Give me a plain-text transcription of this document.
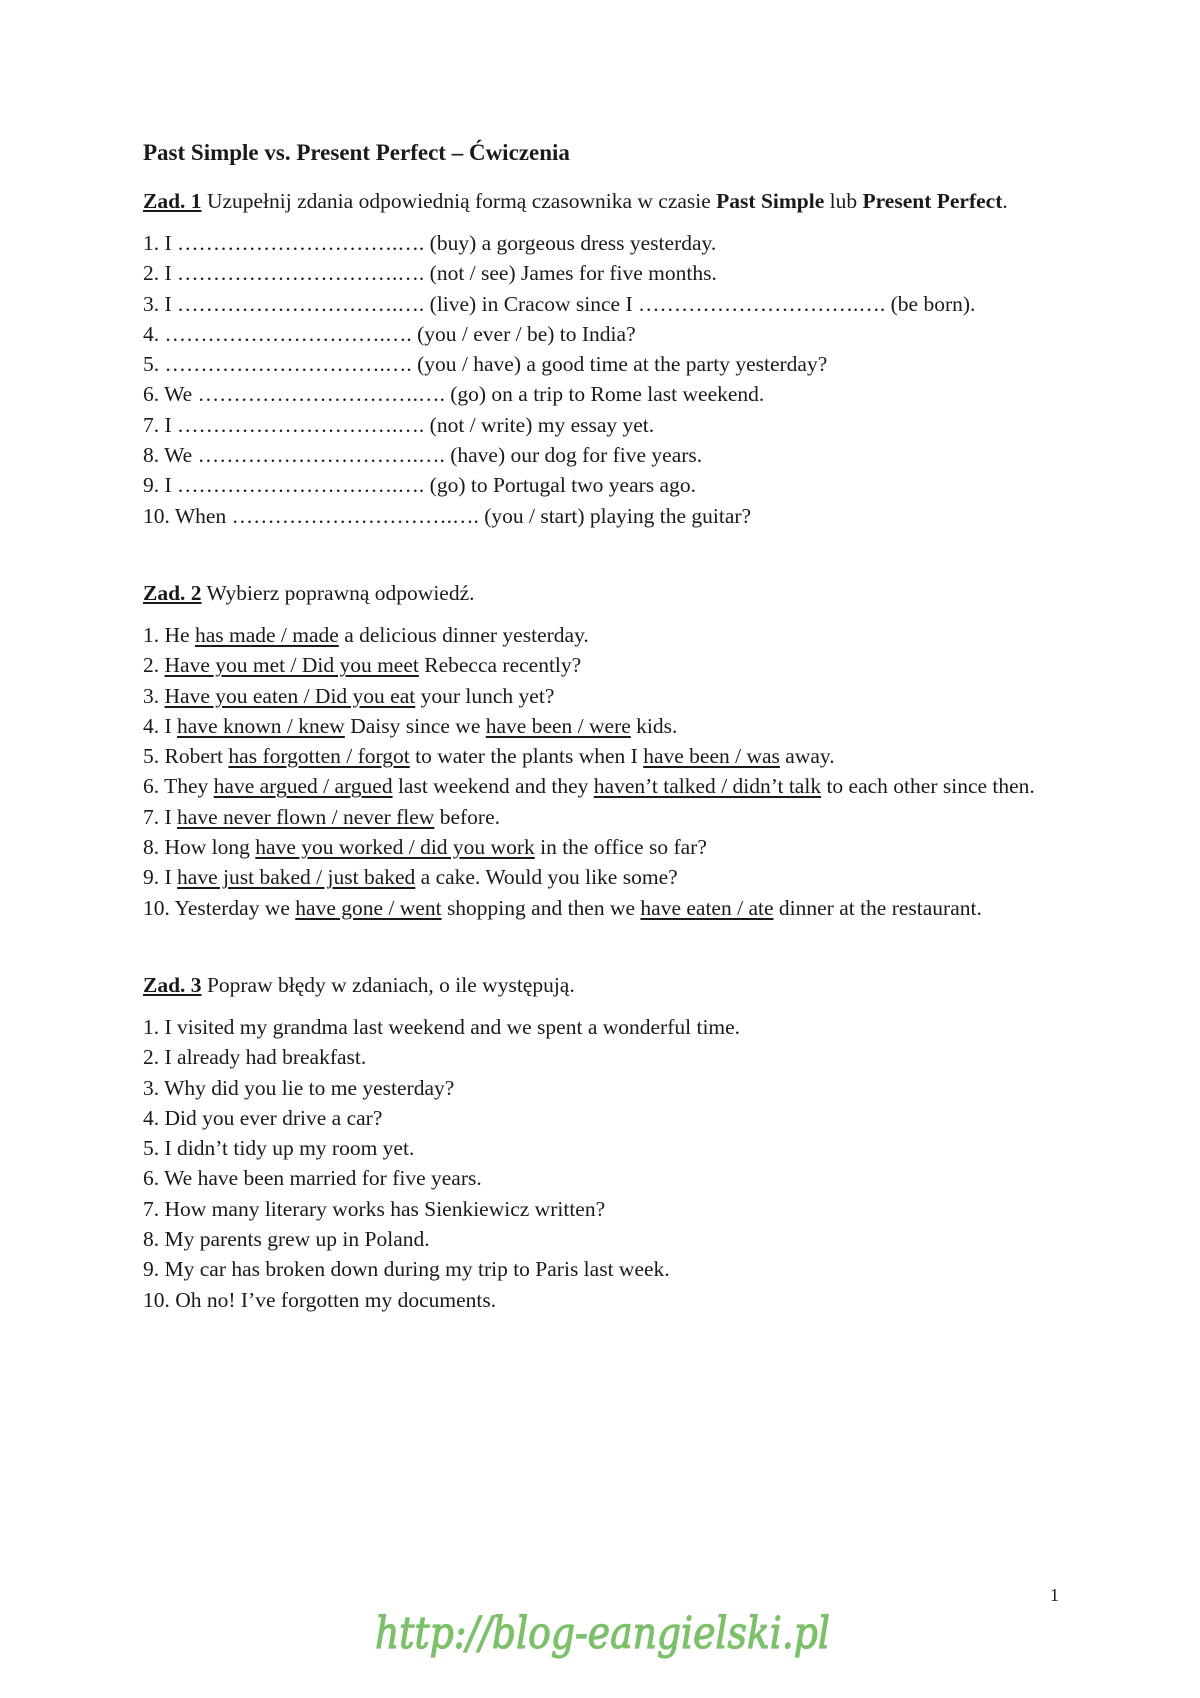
Past Simple vs. Present Perfect – Ćwiczenia
Zad. 1 Uzupełnij zdania odpowiednią formą czasownika w czasie Past Simple lub Present Perfect.
1. I ………………………….…. (buy) a gorgeous dress yesterday.
2. I ………………………….…. (not / see) James for five months.
3. I ………………………….…. (live) in Cracow since I ………………………….…. (be born).
4. ………………………….…. (you / ever / be) to India?
5. ………………………….…. (you / have) a good time at the party yesterday?
6. We ………………………….…. (go) on a trip to Rome last weekend.
7. I ………………………….…. (not / write) my essay yet.
8. We ………………………….…. (have) our dog for five years.
9. I ………………………….…. (go) to Portugal two years ago.
10. When ………………………….…. (you / start) playing the guitar?
Zad. 2 Wybierz poprawną odpowiedź.
1. He has made / made a delicious dinner yesterday.
2. Have you met / Did you meet Rebecca recently?
3. Have you eaten / Did you eat your lunch yet?
4. I have known / knew Daisy since we have been / were kids.
5. Robert has forgotten / forgot to water the plants when I have been / was away.
6. They have argued / argued last weekend and they haven’t talked / didn’t talk to each other since then.
7. I have never flown / never flew before.
8. How long have you worked / did you work in the office so far?
9. I have just baked / just baked a cake. Would you like some?
10. Yesterday we have gone / went shopping and then we have eaten / ate dinner at the restaurant.
Zad. 3 Popraw błędy w zdaniach, o ile występują.
1. I visited my grandma last weekend and we spent a wonderful time.
2. I already had breakfast.
3. Why did you lie to me yesterday?
4. Did you ever drive a car?
5. I didn’t tidy up my room yet.
6. We have been married for five years.
7. How many literary works has Sienkiewicz written?
8. My parents grew up in Poland.
9. My car has broken down during my trip to Paris last week.
10. Oh no! I’ve forgotten my documents.
1
http://blog-eangielski.pl
